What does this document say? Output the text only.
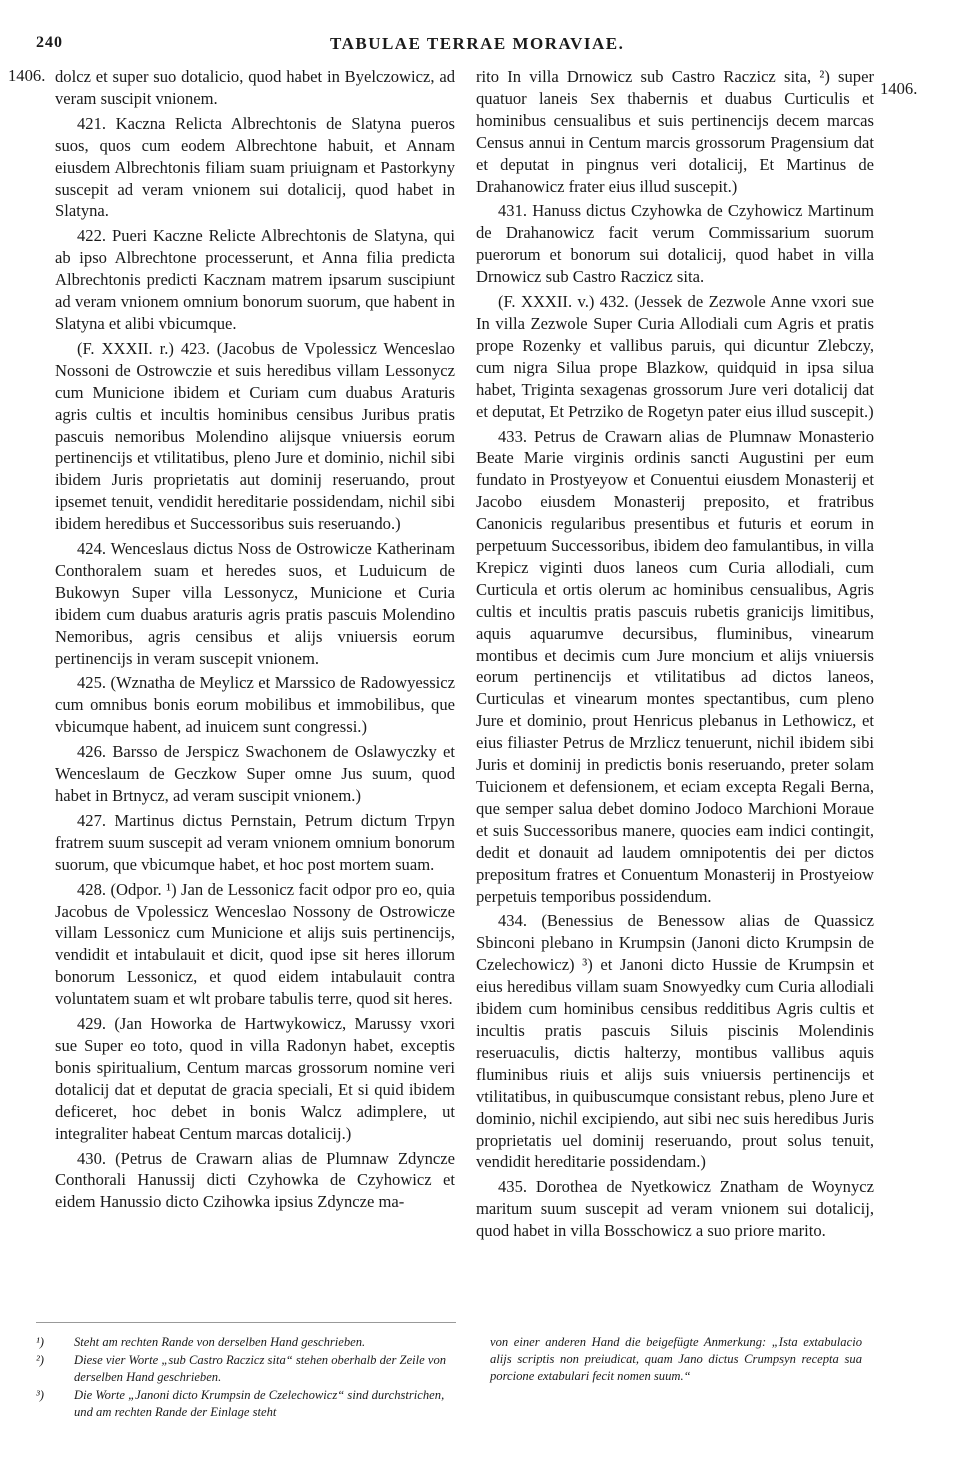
240	TABULAE TERRAE MORAVIAE.
1406.
1406.

dolcz et super suo dotalicio, quod habet in Byelczowicz, ad veram suscipit vnionem.

421. Kaczna Relicta Albrechtonis de Slatyna pueros suos, quos cum eodem Albrechtone habuit, et Annam eiusdem Albrechtonis filiam suam priuignam et Pastorkyny suscepit ad veram vnionem sui dotalicij, quod habet in Slatyna.

422. Pueri Kaczne Relicte Albrechtonis de Slatyna, qui ab ipso Albrechtone processerunt, et Anna filia predicta Albrechtonis predicti Kacznam matrem ipsarum suscipiunt ad veram vnionem omnium bonorum suorum, que habent in Slatyna et alibi vbicumque.

(F. XXXII. r.) 423. (Jacobus de Vpolessicz Wenceslao Nossoni de Ostrowczie et suis heredibus villam Lessonycz cum Municione ibidem et Curiam cum duabus Araturis agris cultis et incultis hominibus censibus Juribus pratis pascuis nemoribus Molendino alijsque vniuersis eorum pertinencijs et vtilitatibus, pleno Jure et dominio, nichil sibi ibidem Juris proprietatis aut dominij reseruando, prout ipsemet tenuit, vendidit hereditarie possidendam, nichil sibi ibidem heredibus et Successoribus suis reseruando.)

424. Wenceslaus dictus Noss de Ostrowicze Katherinam Conthoralem suam et heredes suos, et Luduicum de Bukowyn Super villa Lessonycz, Municione et Curia ibidem cum duabus araturis agris pratis pascuis Molendino Nemoribus, agris censibus et alijs vniuersis eorum pertinencijs in veram suscepit vnionem.

425. (Wznatha de Meylicz et Marssico de Radowyessicz cum omnibus bonis eorum mobilibus et immobilibus, que vbicumque habent, ad inuicem sunt congressi.)

426. Barsso de Jerspicz Swachonem de Oslawyczky et Wenceslaum de Geczkow Super omne Jus suum, quod habet in Brtnycz, ad veram suscipit vnionem.)

427. Martinus dictus Pernstain, Petrum dictum Trpyn fratrem suum suscepit ad veram vnionem omnium bonorum suorum, que vbicumque habet, et hoc post mortem suam.

428. (Odpor. ¹) Jan de Lessonicz facit odpor pro eo, quia Jacobus de Vpolessicz Wenceslao Nossony de Ostrowicze villam Lessonicz cum Municione et alijs suis pertinencijs, vendidit et intabulauit et dicit, quod ipse sit heres illorum bonorum Lessonicz, et quod eidem intabulauit contra voluntatem suam et wlt probare tabulis terre, quod sit heres.

429. (Jan Howorka de Hartwykowicz, Marussy vxori sue Super eo toto, quod in villa Radonyn habet, exceptis bonis spiritualium, Centum marcas grossorum nomine veri dotalicij dat et deputat de gracia speciali, Et si quid ibidem deficeret, hoc debet in bonis Walcz adimplere, ut integraliter habeat Centum marcas dotalicij.)

430. (Petrus de Crawarn alias de Plumnaw Zdyncze Conthorali Hanussij dicti Czyhowka de Czyhowicz et eidem Hanussio dicto Czihowka ipsius Zdyncze ma-

rito In villa Drnowicz sub Castro Raczicz sita, ²) super quatuor laneis Sex thabernis et duabus Curticulis et hominibus censualibus et suis pertinencijs decem marcas Census annui in Centum marcis grossorum Pragensium dat et deputat in pingnus veri dotalicij, Et Martinus de Drahanowicz frater eius illud suscepit.)

431. Hanuss dictus Czyhowka de Czyhowicz Martinum de Drahanowicz facit verum Commissarium suorum puerorum et bonorum sui dotalicij, quod habet in villa Drnowicz sub Castro Raczicz sita.

(F. XXXII. v.) 432. (Jessek de Zezwole Anne vxori sue In villa Zezwole Super Curia Allodiali cum Agris et pratis prope Rozenky et vallibus paruis, qui dicuntur Zlebczy, cum nigra Silua prope Blazkow, quidquid in ipsa silua habet, Triginta sexagenas grossorum Jure veri dotalicij dat et deputat, Et Petrziko de Rogetyn pater eius illud suscepit.)

433. Petrus de Crawarn alias de Plumnaw Monasterio Beate Marie virginis ordinis sancti Augustini per eum fundato in Prostyeyow et Conuentui eiusdem Monasterij et Jacobo eiusdem Monasterij preposito, et fratribus Canonicis regularibus presentibus et futuris et eorum in perpetuum Successoribus, ibidem deo famulantibus, in villa Krepicz viginti duos laneos cum Curia allodiali, cum Curticula et ortis olerum ac hominibus censualibus, Agris cultis et incultis pratis pascuis rubetis granicijs limitibus, aquis aquarumve decursibus, fluminibus, vinearum montibus et decimis cum Jure moncium et alijs vniuersis eorum pertinencijs et vtilitatibus ad dictos laneos, Curticulas et vinearum montes spectantibus, cum pleno Jure et dominio, prout Henricus plebanus in Lethowicz, et eius filiaster Petrus de Mrzlicz tenuerunt, nichil ibidem sibi Juris et dominij in predictis bonis reseruando, preter solam Tuicionem et defensionem, et eciam excepta Regali Berna, que semper salua debet domino Jodoco Marchioni Moraue et suis Successoribus manere, quocies eam indici contingit, dedit et donauit ad laudem omnipotentis dei per dictos prepositum fratres et Conuentum Monasterij in Prostyeiow perpetuis temporibus possidendum.

434. (Benessius de Benessow alias de Quassicz Sbinconi plebano in Krumpsin (Janoni dicto Krumpsin de Czelechowicz) ³) et Janoni dicto Hussie de Krumpsin et eius heredibus villam suam Snowyedky cum Curia allodiali ibidem cum hominibus censibus redditibus Agris cultis et incultis pratis pascuis Siluis piscinis Molendinis reseruaculis, dictis halterzy, montibus vallibus aquis fluminibus riuis et alijs suis vniuersis pertinencijs et vtilitatibus, in quibuscumque consistant rebus, pleno Jure et dominio, nichil excipiendo, aut sibi nec suis heredibus Juris proprietatis uel dominij reseruando, prout solus tenuit, vendidit hereditarie possidendam.)

435. Dorothea de Nyetkowicz Znatham de Woynycz maritum suum suscepit ad veram vnionem sui dotalicij, quod habet in villa Bosschowicz a suo priore marito.

¹) Steht am rechten Rande von derselben Hand geschrieben.
²) Diese vier Worte „sub Castro Raczicz sita“ stehen oberhalb der Zeile von derselben Hand geschrieben.
³) Die Worte „Janoni dicto Krumpsin de Czelechowicz“ sind durchstrichen, und am rechten Rande der Einlage steht

von einer anderen Hand die beigefügte Anmerkung: „Ista extabulacio alijs scriptis non preiudicat, quam Jano dictus Crumpsyn recepta sua porcione extabulari fecit nomen suum.“
